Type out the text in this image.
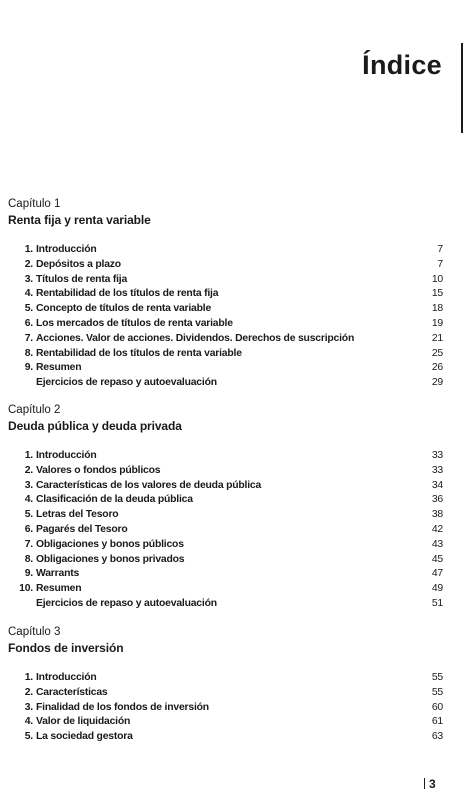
Índice
Capítulo 1
Renta fija y renta variable
1. Introducción	7
2. Depósitos a plazo	7
3. Títulos de renta fija	10
4. Rentabilidad de los títulos de renta fija	15
5. Concepto de títulos de renta variable	18
6. Los mercados de títulos de renta variable	19
7. Acciones. Valor de acciones. Dividendos. Derechos de suscripción	21
8. Rentabilidad de los títulos de renta variable	25
9. Resumen	26
Ejercicios de repaso y autoevaluación	29
Capítulo 2
Deuda pública y deuda privada
1. Introducción	33
2. Valores o fondos públicos	33
3. Características de los valores de deuda pública	34
4. Clasificación de la deuda pública	36
5. Letras del Tesoro	38
6. Pagarés del Tesoro	42
7. Obligaciones y bonos públicos	43
8. Obligaciones y bonos privados	45
9. Warrants	47
10. Resumen	49
Ejercicios de repaso y autoevaluación	51
Capítulo 3
Fondos de inversión
1. Introducción	55
2. Características	55
3. Finalidad de los fondos de inversión	60
4. Valor de liquidación	61
5. La sociedad gestora	63
3
